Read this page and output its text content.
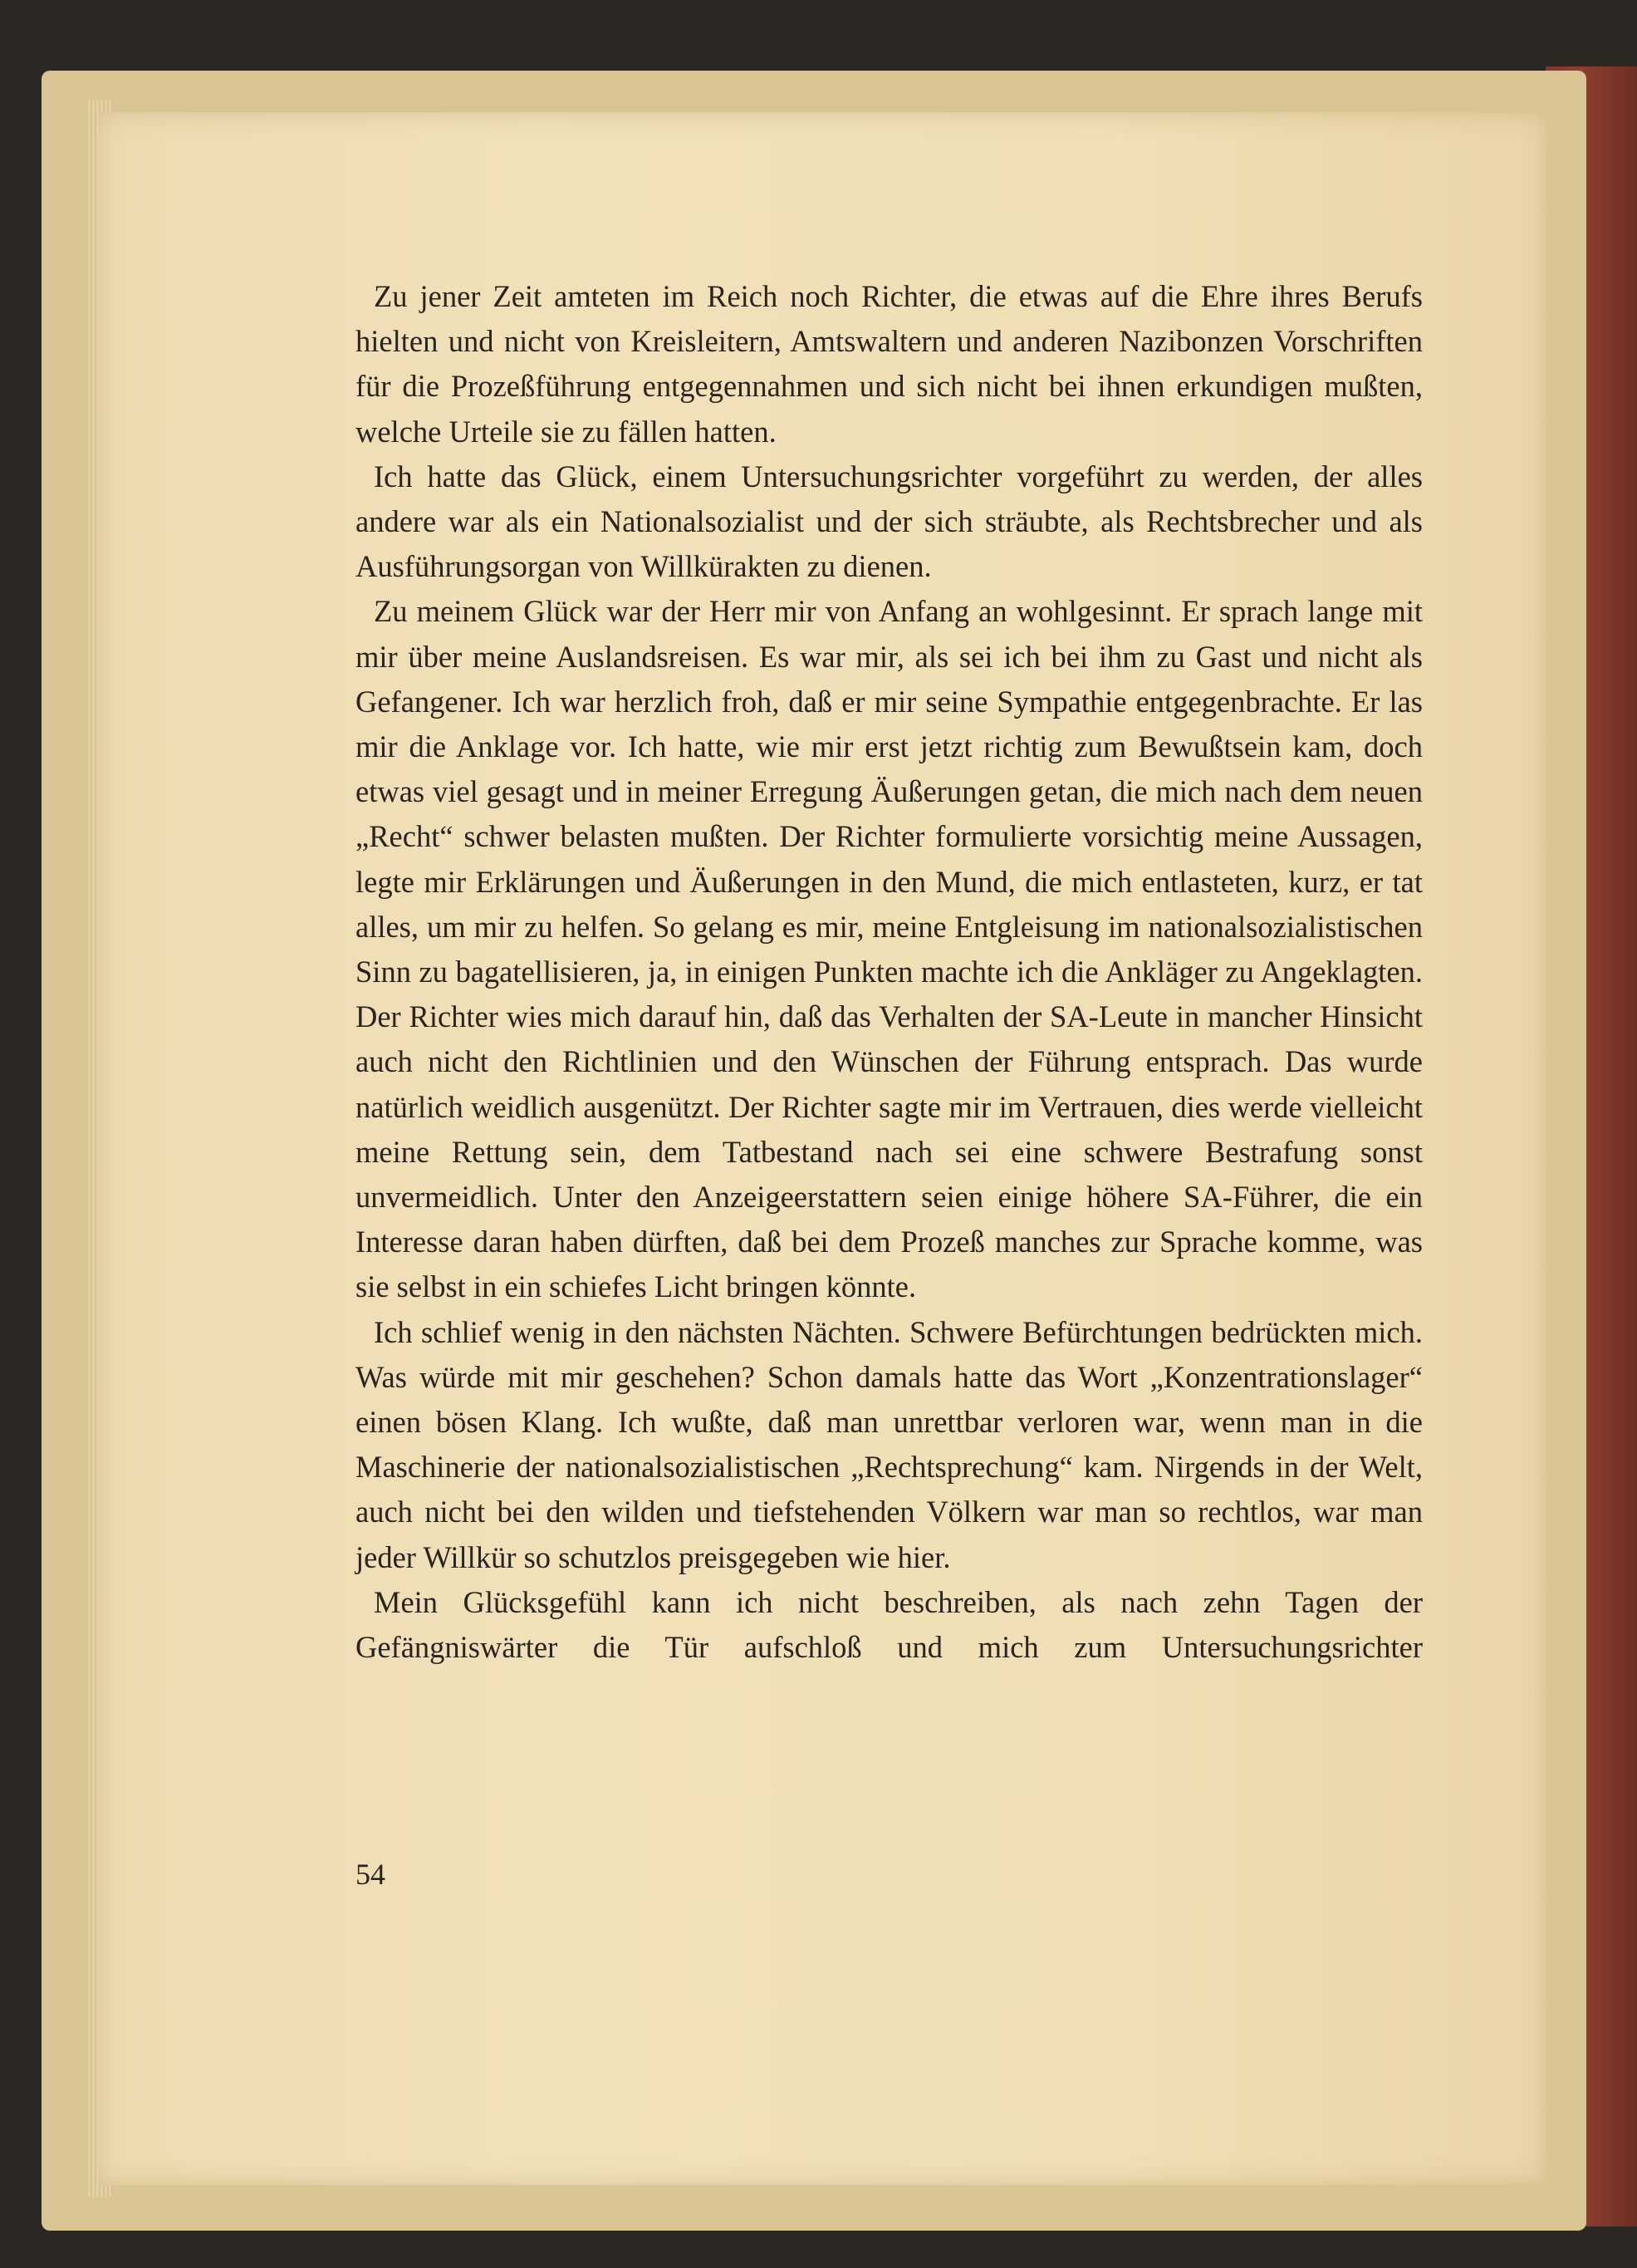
Zu jener Zeit amteten im Reich noch Richter, die etwas auf die Ehre ihres Berufs hielten und nicht von Kreisleitern, Amtswaltern und anderen Nazibonzen Vorschriften für die Prozeßführung entgegennahmen und sich nicht bei ihnen erkundigen mußten, welche Urteile sie zu fällen hatten.

Ich hatte das Glück, einem Untersuchungsrichter vorgeführt zu werden, der alles andere war als ein Nationalsozialist und der sich sträubte, als Rechtsbrecher und als Ausführungsorgan von Willkürakten zu dienen.

Zu meinem Glück war der Herr mir von Anfang an wohlgesinnt. Er sprach lange mit mir über meine Auslandsreisen. Es war mir, als sei ich bei ihm zu Gast und nicht als Gefangener. Ich war herzlich froh, daß er mir seine Sympathie entgegenbrachte. Er las mir die Anklage vor. Ich hatte, wie mir erst jetzt richtig zum Bewußtsein kam, doch etwas viel gesagt und in meiner Erregung Äußerungen getan, die mich nach dem neuen „Recht“ schwer belasten mußten. Der Richter formulierte vorsichtig meine Aussagen, legte mir Erklärungen und Äußerungen in den Mund, die mich entlasteten, kurz, er tat alles, um mir zu helfen. So gelang es mir, meine Entgleisung im nationalsozialistischen Sinn zu bagatellisieren, ja, in einigen Punkten machte ich die Ankläger zu Angeklagten. Der Richter wies mich darauf hin, daß das Verhalten der SA-Leute in mancher Hinsicht auch nicht den Richtlinien und den Wünschen der Führung entsprach. Das wurde natürlich weidlich ausgenützt. Der Richter sagte mir im Vertrauen, dies werde vielleicht meine Rettung sein, dem Tatbestand nach sei eine schwere Bestrafung sonst unvermeidlich. Unter den Anzeigeerstattern seien einige höhere SA-Führer, die ein Interesse daran haben dürften, daß bei dem Prozeß manches zur Sprache komme, was sie selbst in ein schiefes Licht bringen könnte.

Ich schlief wenig in den nächsten Nächten. Schwere Befürchtungen bedrückten mich. Was würde mit mir geschehen? Schon damals hatte das Wort „Konzentrationslager“ einen bösen Klang. Ich wußte, daß man unrettbar verloren war, wenn man in die Maschinerie der nationalsozialistischen „Rechtsprechung“ kam. Nirgends in der Welt, auch nicht bei den wilden und tiefstehenden Völkern war man so rechtlos, war man jeder Willkür so schutzlos preisgegeben wie hier.

Mein Glücksgefühl kann ich nicht beschreiben, als nach zehn Tagen der Gefängniswärter die Tür aufschloß und mich zum Untersuchungsrichter

54
